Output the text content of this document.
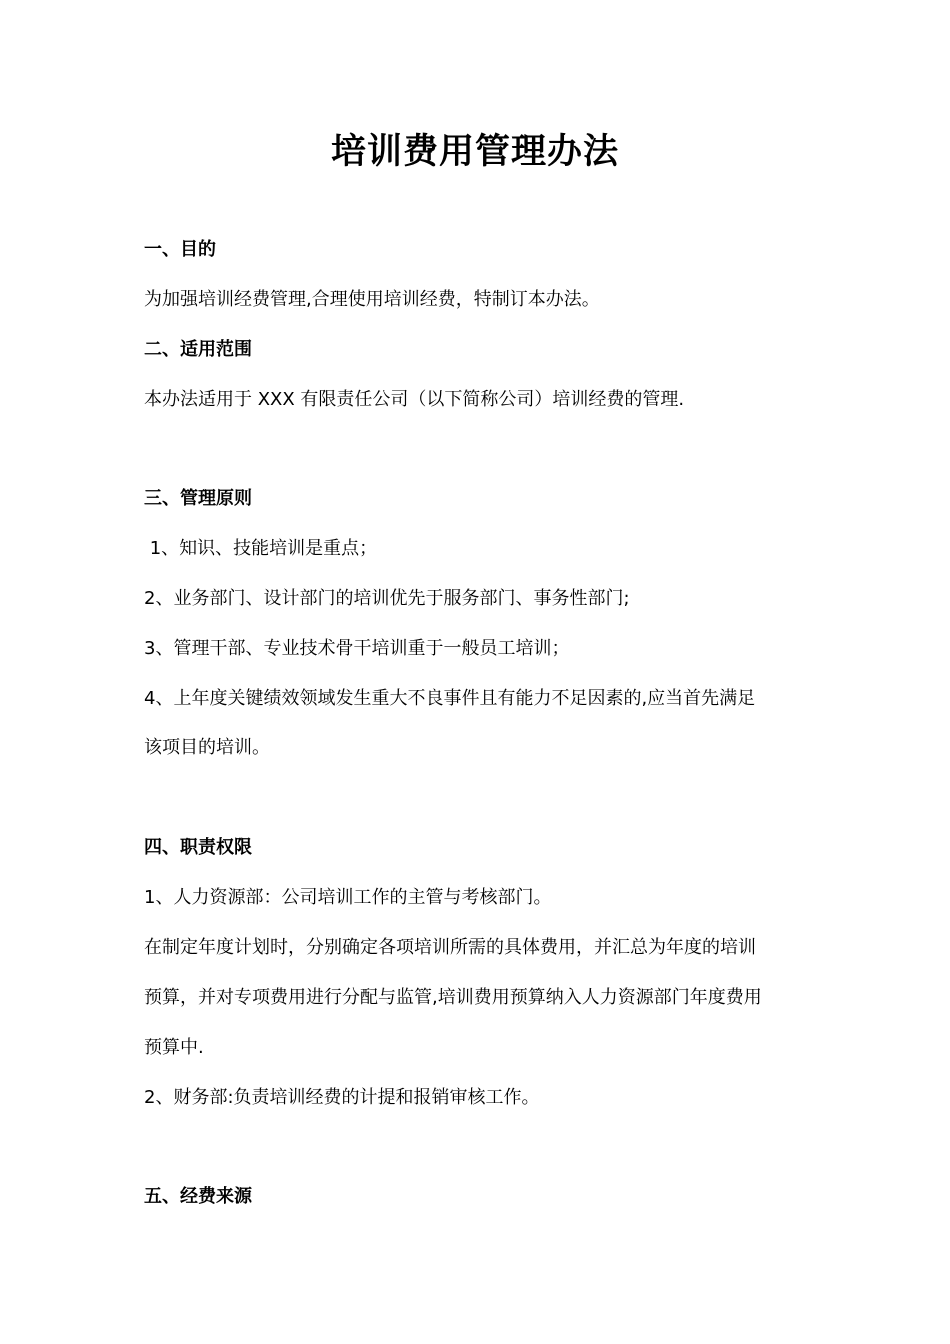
培训费用管理办法
一、目的
为加强培训经费管理,合理使用培训经费，特制订本办法。
二、适用范围
本办法适用于 XXX 有限责任公司（以下简称公司）培训经费的管理.
三、管理原则
1、知识、技能培训是重点；
2、业务部门、设计部门的培训优先于服务部门、事务性部门;
3、管理干部、专业技术骨干培训重于一般员工培训；
4、上年度关键绩效领域发生重大不良事件且有能力不足因素的,应当首先满足
该项目的培训。
四、职责权限
1、人力资源部：公司培训工作的主管与考核部门。
在制定年度计划时，分别确定各项培训所需的具体费用，并汇总为年度的培训
预算，并对专项费用进行分配与监管,培训费用预算纳入人力资源部门年度费用
预算中.
2、财务部:负责培训经费的计提和报销审核工作。
五、经费来源
